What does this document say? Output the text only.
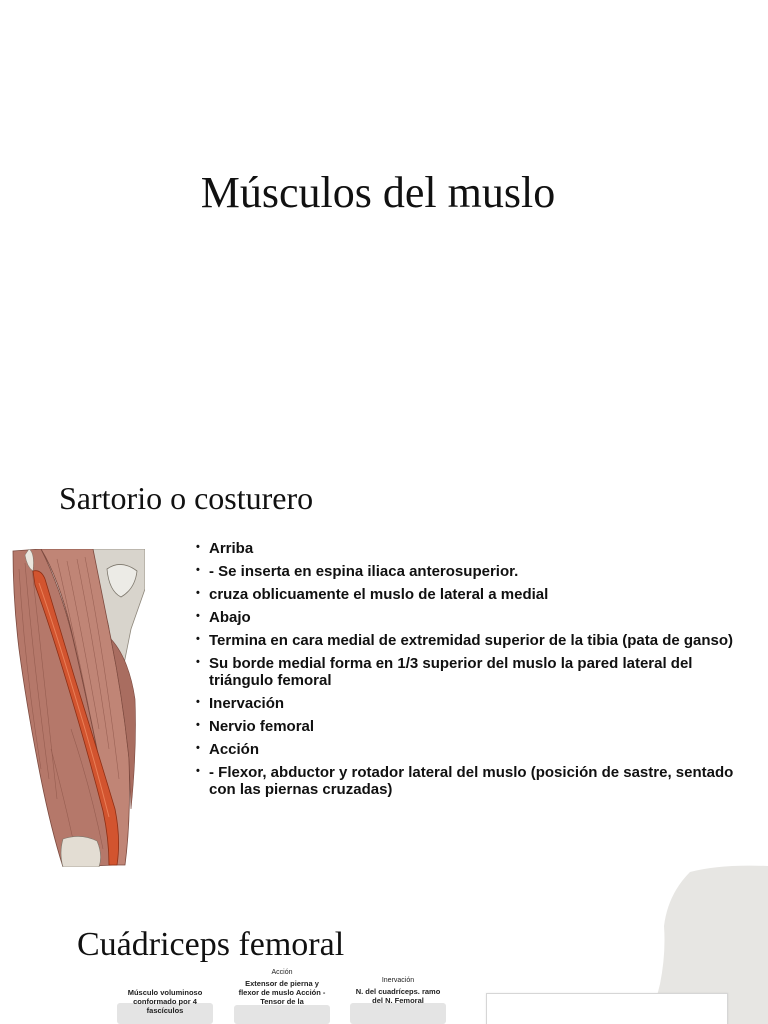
Músculos del muslo
Sartorio o costurero
• Arriba
• - Se inserta en espina iliaca anterosuperior.
• cruza oblicuamente el muslo de lateral a medial
• Abajo
• Termina en cara medial de extremidad superior de la tibia (pata de ganso)
• Su borde medial forma en 1/3 superior del muslo la pared lateral del triángulo femoral
• Inervación
• Nervio femoral
• Acción
• - Flexor, abductor y rotador lateral del muslo (posición de sastre, sentado con las piernas cruzadas)
Cuádriceps femoral
Músculo voluminoso conformado por 4 fascículos
Acción
Extensor de pierna y flexor de muslo Acción - Tensor de la
Inervación
N. del cuadríceps. ramo del N. Femoral
